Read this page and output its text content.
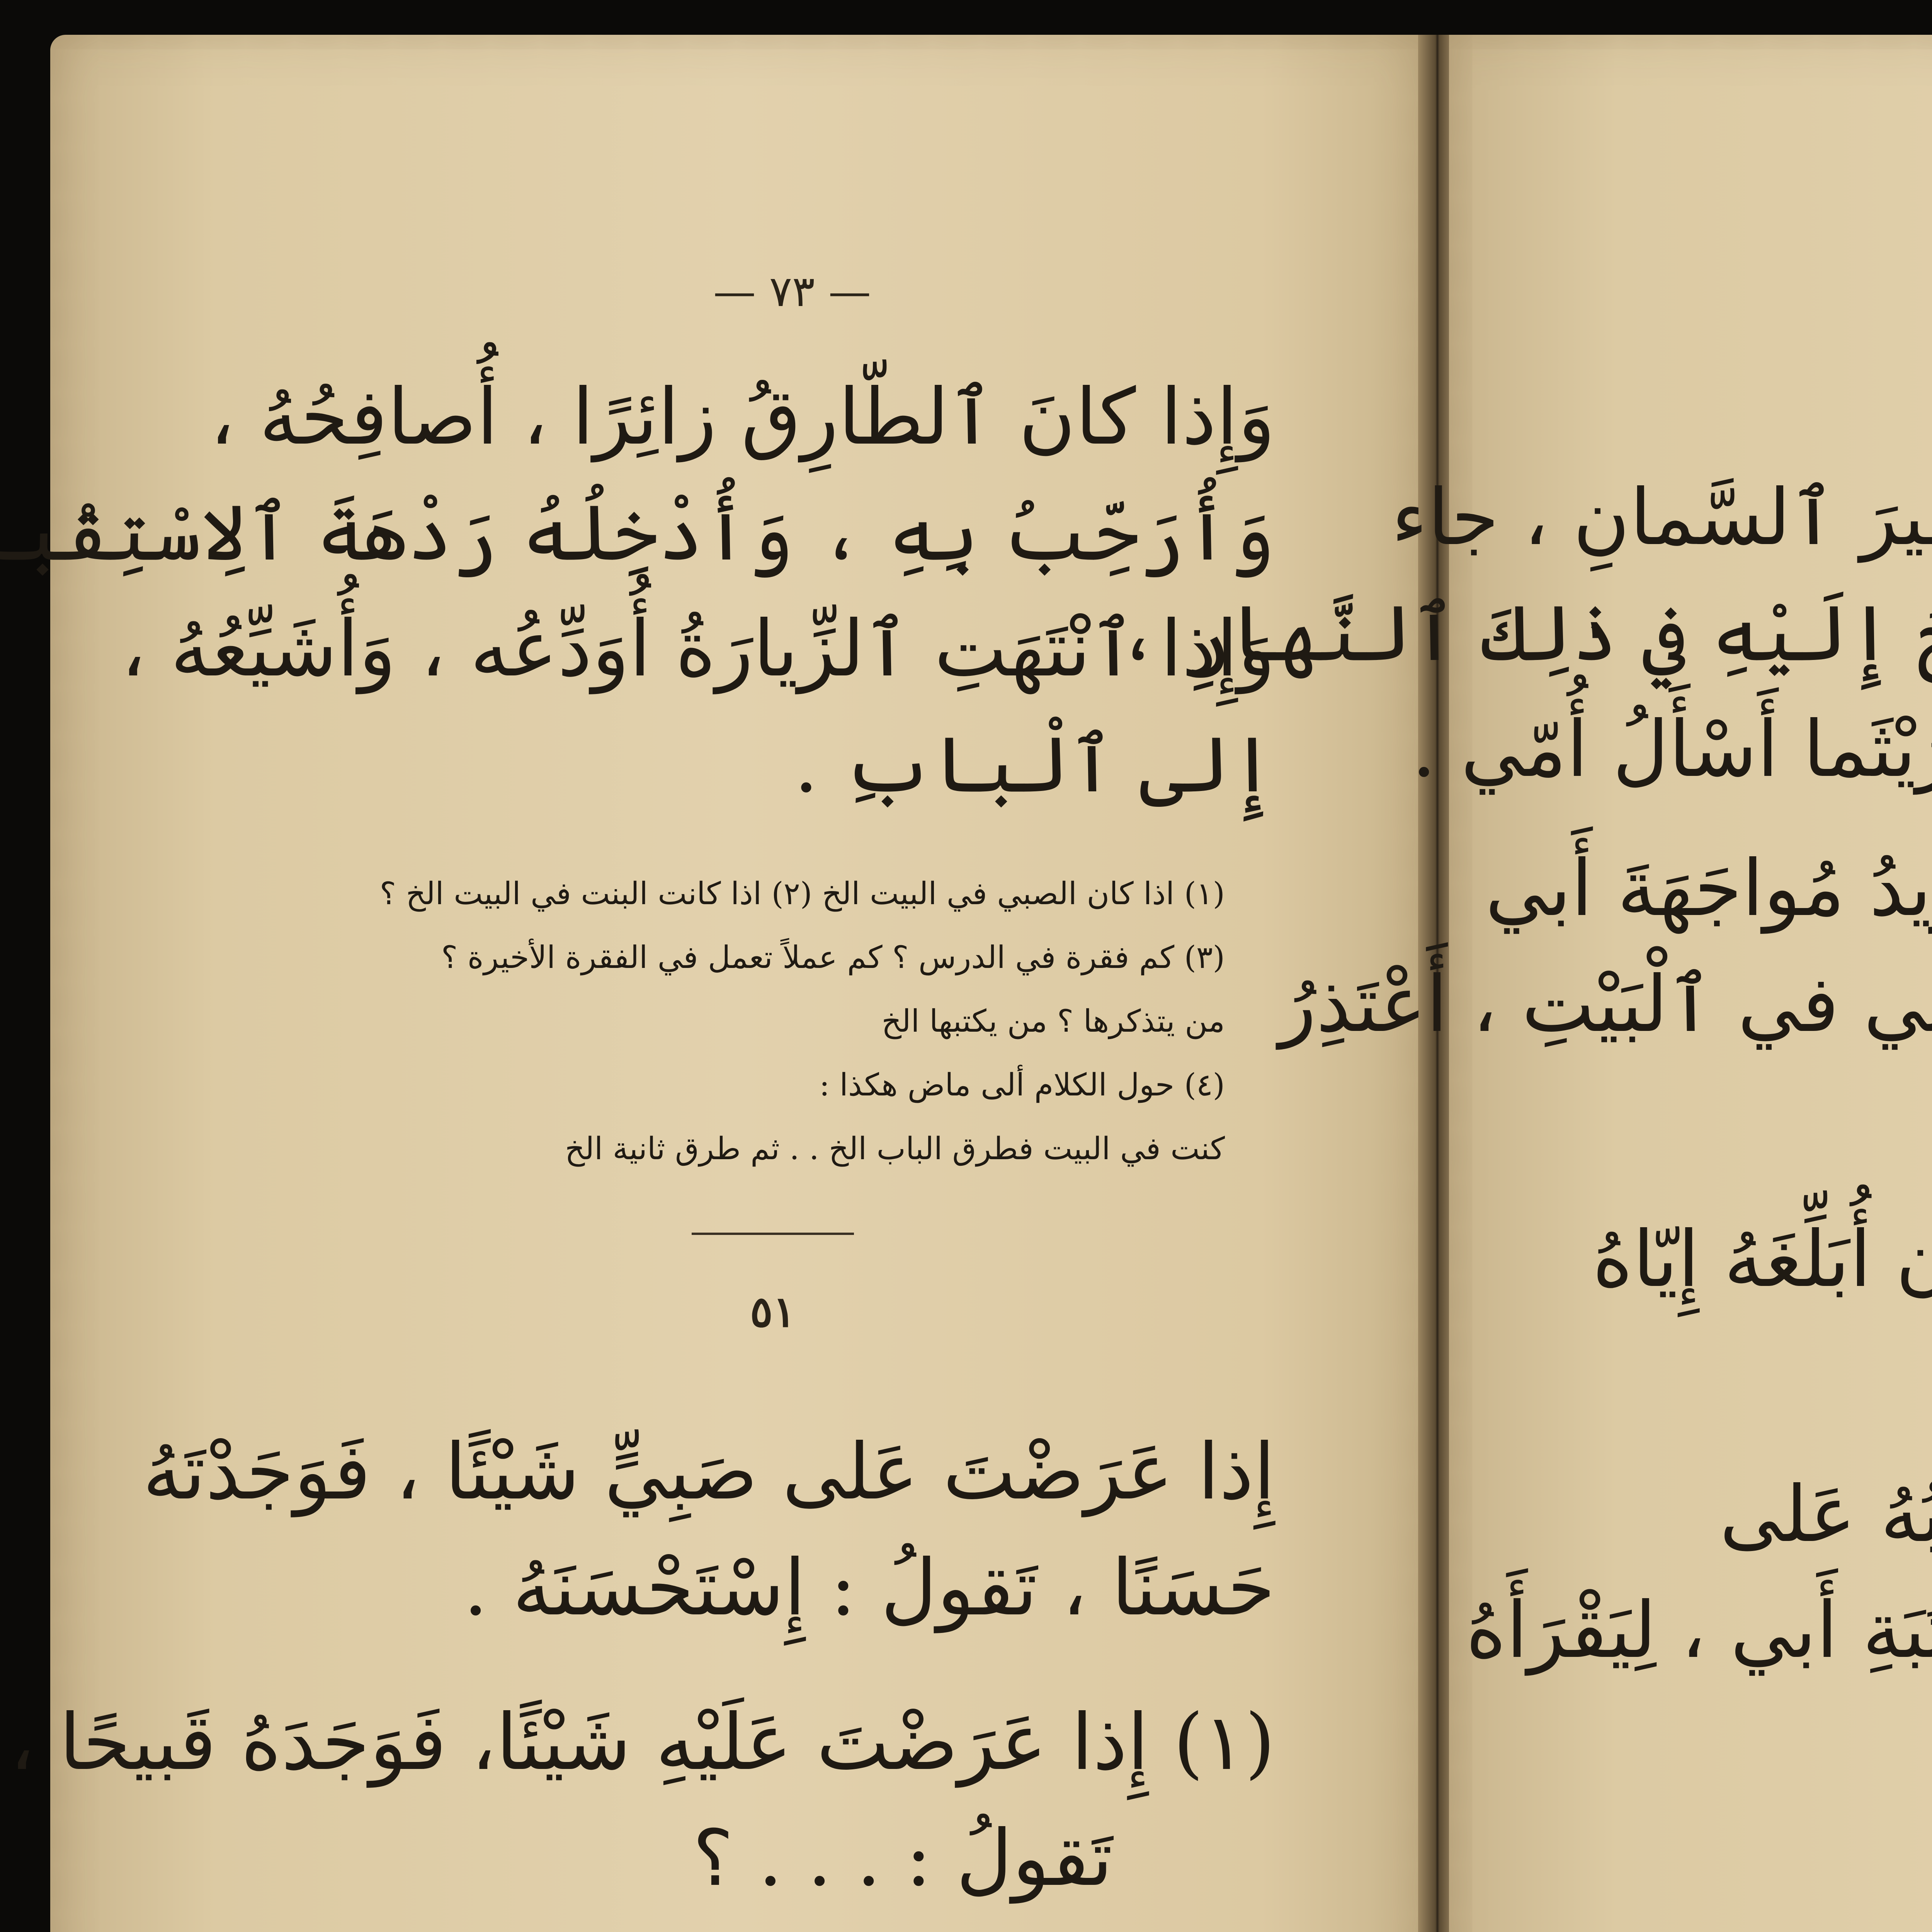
— ٧٣ —
وَإِذا كانَ ٱلطّارِقُ زائِرًا ، أُصافِحُهُ ،
وَأُرَحِّبُ بِهِ ، وَأُدْخِلُهُ رَدْهَةَ ٱلِاسْتِقْبالِ .
وَإِذا ٱنْتَهَتِ ٱلزِّيارَةُ أُوَدِّعُه ، وَأُشَيِّعُهُ ،
إِلى ٱلْبابِ .
(١) اذا كان الصبي في البيت الخ (٢) اذا كانت البنت في البيت الخ ؟
(٣) كم فقرة في الدرس ؟ كم عملاً تعمل في الفقرة الأخيرة ؟
من يتذكرها ؟ من يكتبها الخ
(٤) حول الكلام ألى ماض هكذا :
كنت في البيت فطرق الباب الخ . . ثم طرق ثانية الخ
٥١
إِذا عَرَضْتَ عَلى صَبِيٍّ شَيْئًا ، فَوَجَدْتَهُ
حَسَنًا ، تَقولُ : إِسْتَحْسَنَهُ .
(١) إِذا عَرَضْتَ عَلَيْهِ شَيْئًا، فَوَجَدَهُ قَبيحًا ،
تَقولُ : . . . ؟
يرَ ٱلسَّمانِ ، جاء
إِلَيْهِ في ذٰلِكَ ٱلنَّهارِ ،
يْثَما أَسْأَلُ أُمّي .
يدُ مُواجَهَةَ أَبي
ي في ٱلْبَيْتِ ، أَعْتَذِرُ
ن أُبَلِّغَهُ إِيّاهُ
هُ عَلى
بَةِ أَبي ، لِيَقْرَأَهُ
